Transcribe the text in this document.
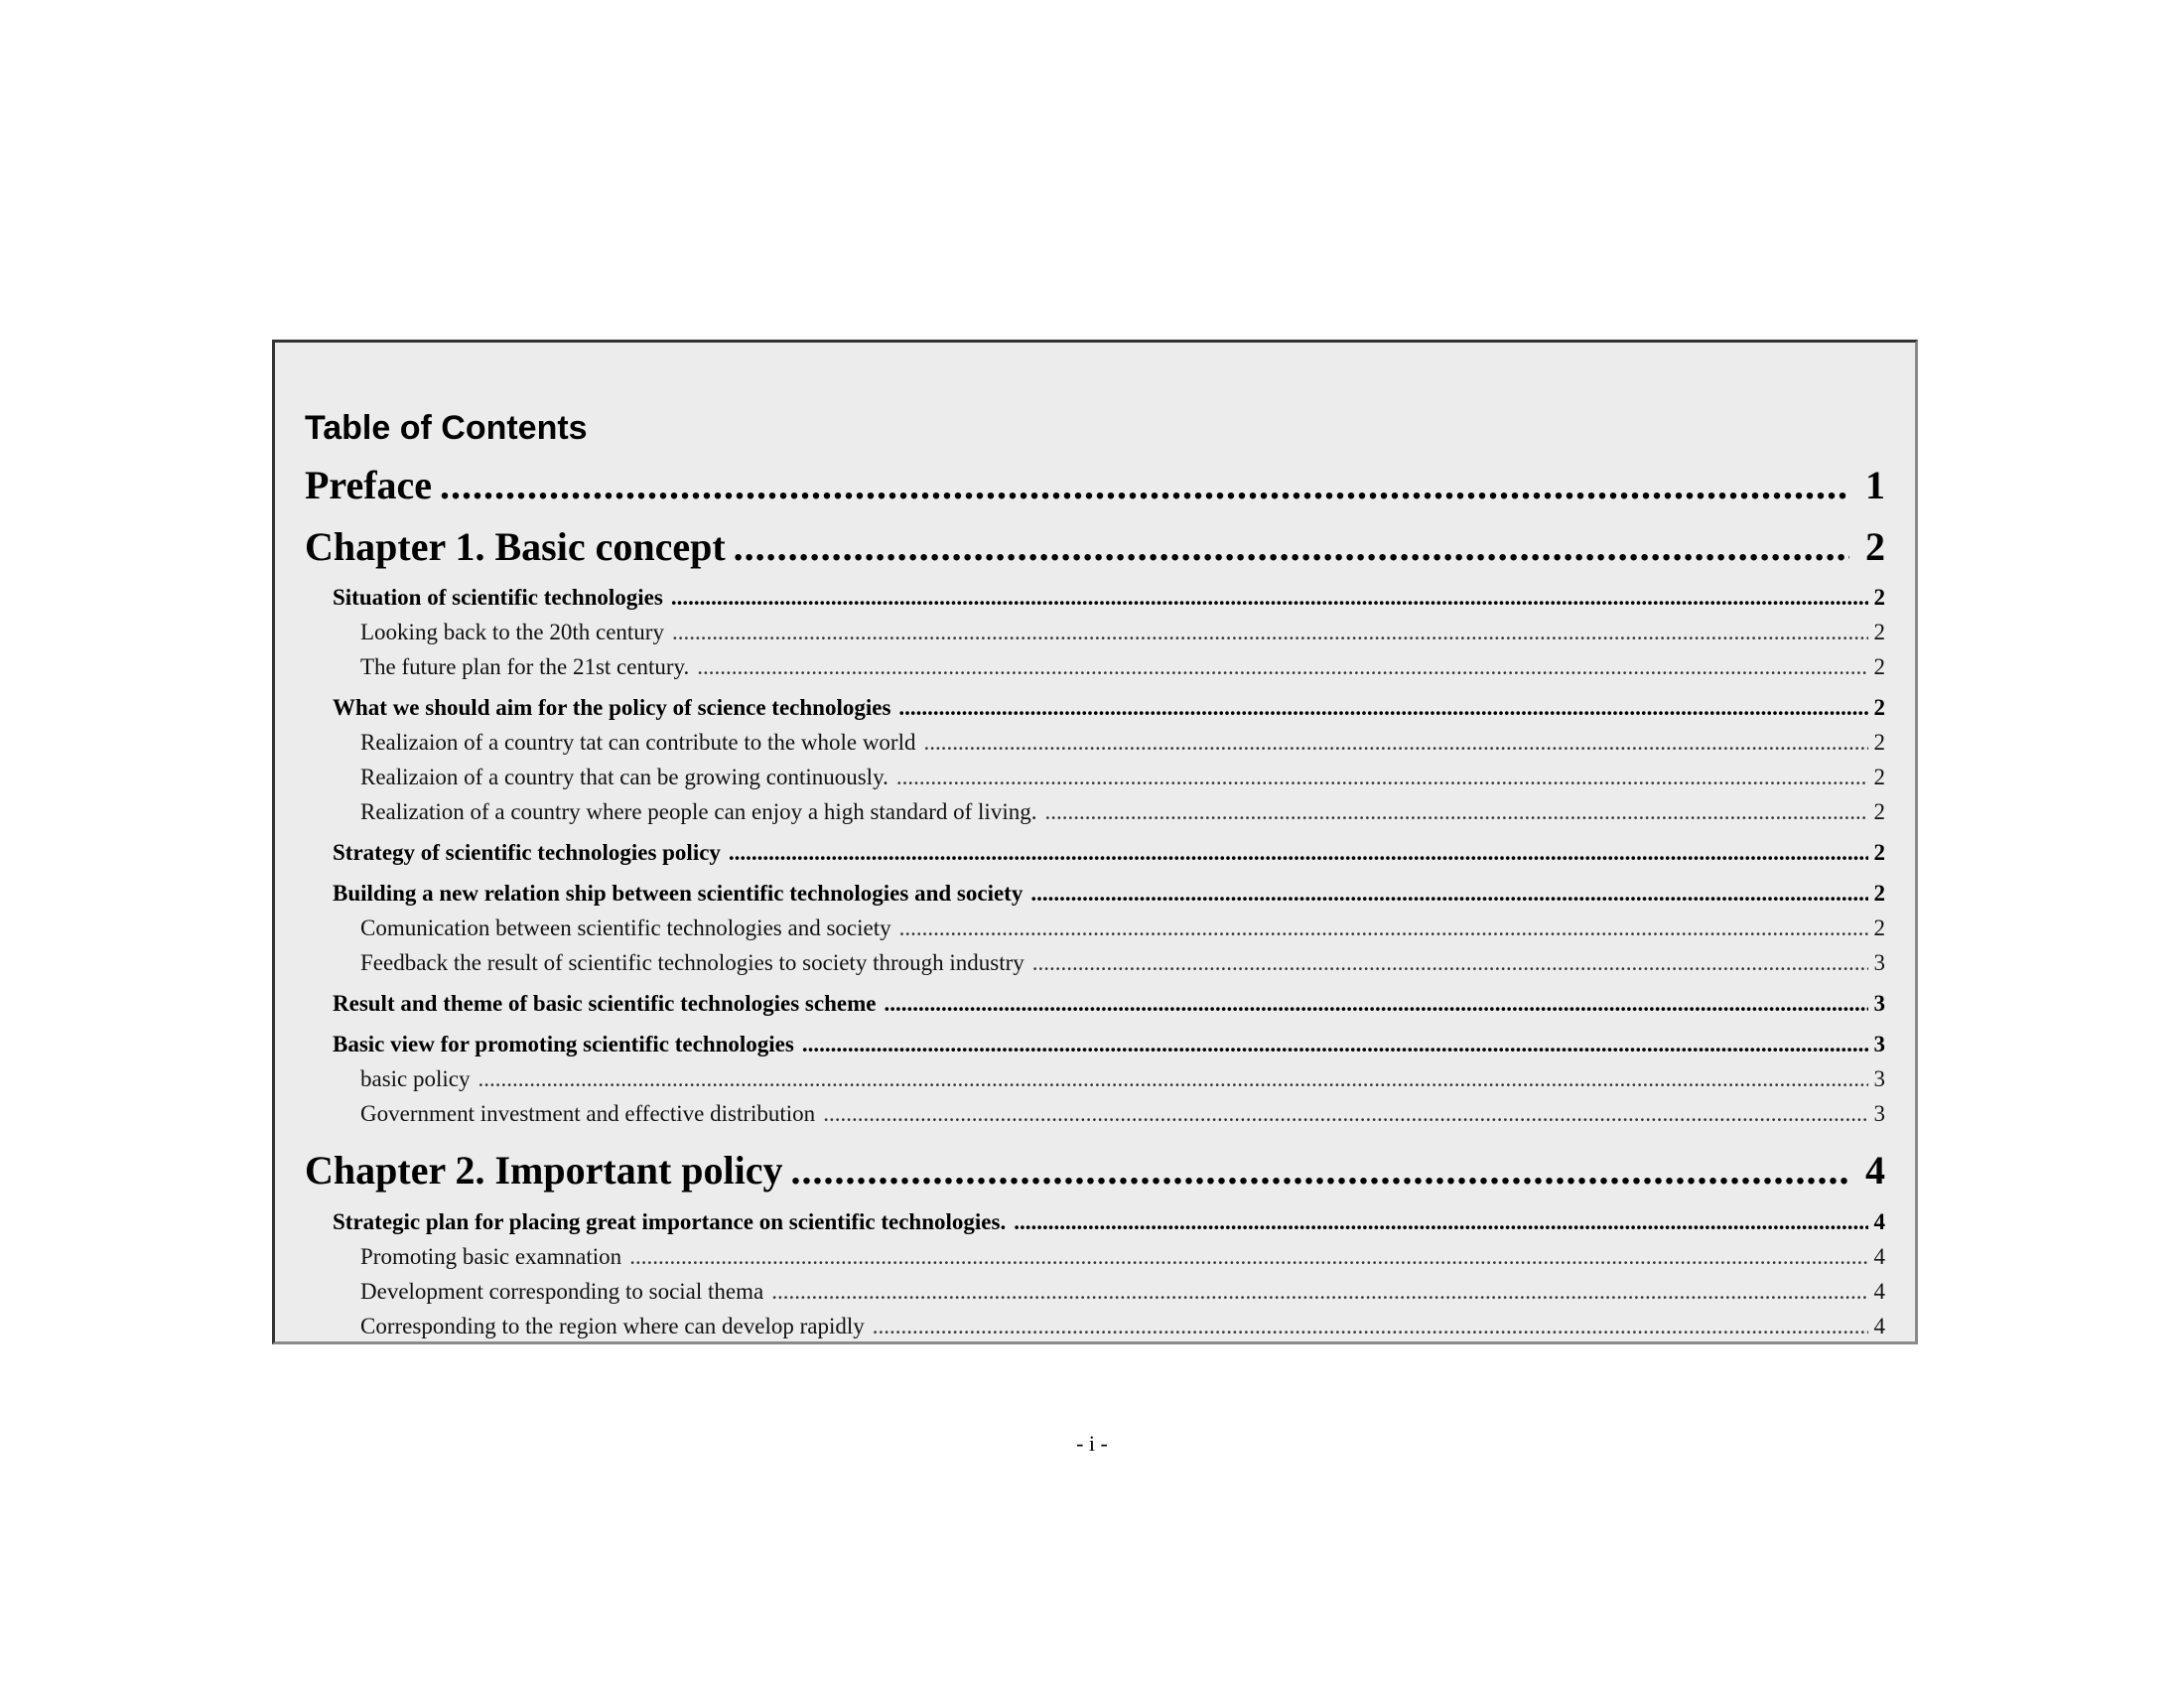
Table of Contents
Preface .....	1
Chapter 1. Basic concept .....	2
Situation of scientific technologies .....	2
Looking back to the 20th century .....	2
The future plan for the 21st century. .....	2
What we should aim for the policy of science technologies .....	2
Realizaion of a country tat can contribute to the whole world .....	2
Realizaion of a country that can be growing continuously. .....	2
Realization of a country where people can enjoy a high standard of living. .....	2
Strategy of scientific technologies policy .....	2
Building a new relation ship between scientific technologies and society .....	2
Comunication between scientific technologies and society .....	2
Feedback the result of scientific technologies to society through industry .....	3
Result and theme of basic scientific technologies scheme .....	3
Basic view for promoting scientific technologies .....	3
basic policy .....	3
Government investment and effective distribution .....	3
Chapter 2. Important policy .....	4
Strategic plan for placing great importance on scientific technologies. .....	4
Promoting basic examnation .....	4
Development corresponding to social thema .....	4
Corresponding to the region where can develop rapidly .....	4
- i -
